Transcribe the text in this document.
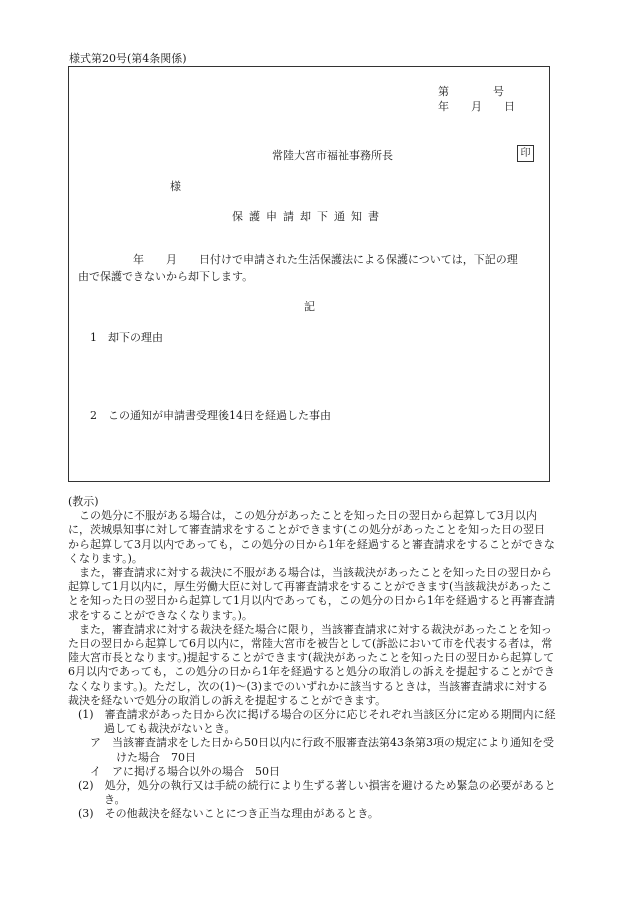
様式第20号(第4条関係)
第　　　　号
年　　月　　日
常陸大宮市福祉事務所長	印
様
保護申請却下通知書
年　　月　　日付けで申請された生活保護法による保護については，下記の理
由で保護できないから却下します。
記
1　却下の理由
2　この通知が申請書受理後14日を経過した事由

(教示)

この処分に不服がある場合は，この処分があったことを知った日の翌日から起算して3月以内に，茨城県知事に対して審査請求をすることができます(この処分があったことを知った日の翌日から起算して3月以内であっても，この処分の日から1年を経過すると審査請求をすることができなくなります。)。

また，審査請求に対する裁決に不服がある場合は，当該裁決があったことを知った日の翌日から起算して1月以内に，厚生労働大臣に対して再審査請求をすることができます(当該裁決があったことを知った日の翌日から起算して1月以内であっても，この処分の日から1年を経過すると再審査請求をすることができなくなります。)。

また，審査請求に対する裁決を経た場合に限り，当該審査請求に対する裁決があったことを知った日の翌日から起算して6月以内に，常陸大宮市を被告として(訴訟において市を代表する者は，常陸大宮市長となります。)提起することができます(裁決があったことを知った日の翌日から起算して6月以内であっても，この処分の日から1年を経過すると処分の取消しの訴えを提起することができなくなります。)。ただし，次の(1)～(3)までのいずれかに該当するときは，当該審査請求に対する裁決を経ないで処分の取消しの訴えを提起することができます。

(1)　審査請求があった日から次に掲げる場合の区分に応じそれぞれ当該区分に定める期間内に経過しても裁決がないとき。

ア　当該審査請求をした日から50日以内に行政不服審査法第43条第3項の規定により通知を受けた場合　70日

イ　アに掲げる場合以外の場合　50日

(2)　処分，処分の執行又は手続の続行により生ずる著しい損害を避けるため緊急の必要があるとき。

(3)　その他裁決を経ないことにつき正当な理由があるとき。
